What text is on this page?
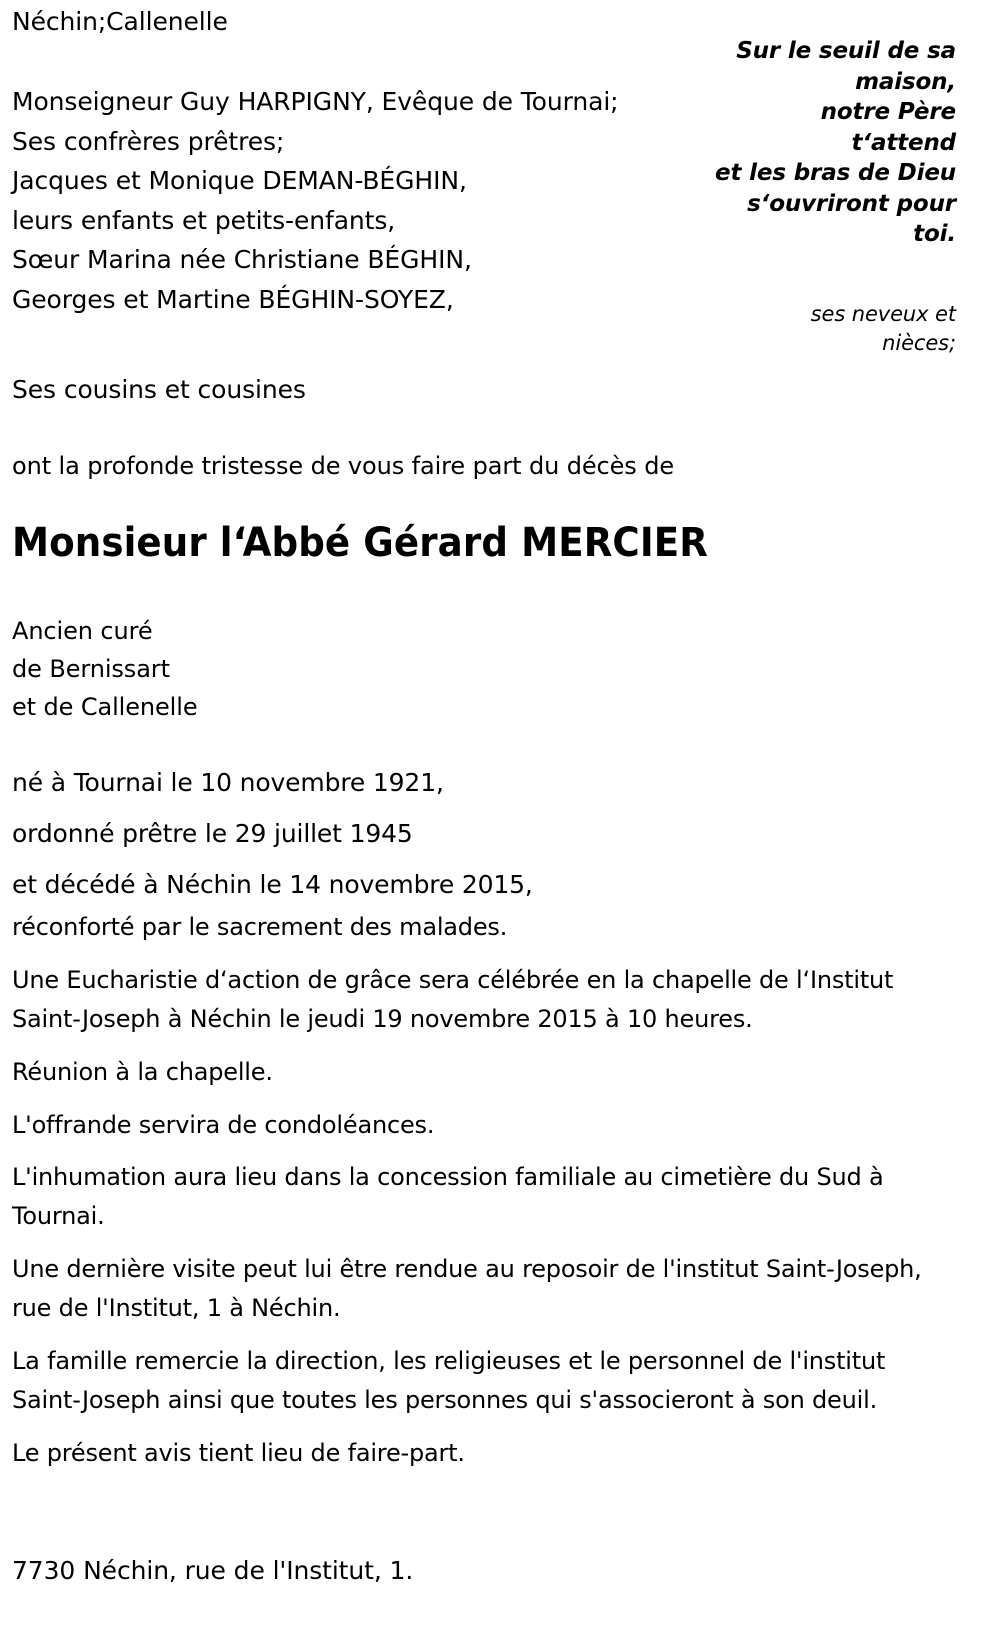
Néchin;Callenelle
Monseigneur Guy HARPIGNY, Evêque de Tournai;
Ses confrères prêtres;
Jacques et Monique DEMAN-BÉGHIN,
leurs enfants et petits-enfants,
Sœur Marina née Christiane BÉGHIN,
Georges et Martine BÉGHIN-SOYEZ,
Ses cousins et cousines
Sur le seuil de sa
maison,
notre Père
t‘attend
et les bras de Dieu
s‘ouvriront pour
toi.
ses neveux et
nièces;
ont la profonde tristesse de vous faire part du décès de
Monsieur l‘Abbé Gérard MERCIER
Ancien curé
de Bernissart
et de Callenelle
né à Tournai le 10 novembre 1921,
ordonné prêtre le 29 juillet 1945
et décédé à Néchin le 14 novembre 2015,

réconforté par le sacrement des malades.

Une Eucharistie d‘action de grâce sera célébrée en la chapelle de l‘Institut Saint-Joseph à Néchin le jeudi 19 novembre 2015 à 10 heures.

Réunion à la chapelle.

L'offrande servira de condoléances.

L'inhumation aura lieu dans la concession familiale au cimetière du Sud à Tournai.

Une dernière visite peut lui être rendue au reposoir de l'institut Saint-Joseph, rue de l'Institut, 1 à Néchin.

La famille remercie la direction, les religieuses et le personnel de l'institut Saint-Joseph ainsi que toutes les personnes qui s'associeront à son deuil.

Le présent avis tient lieu de faire-part.

7730 Néchin, rue de l'Institut, 1.
